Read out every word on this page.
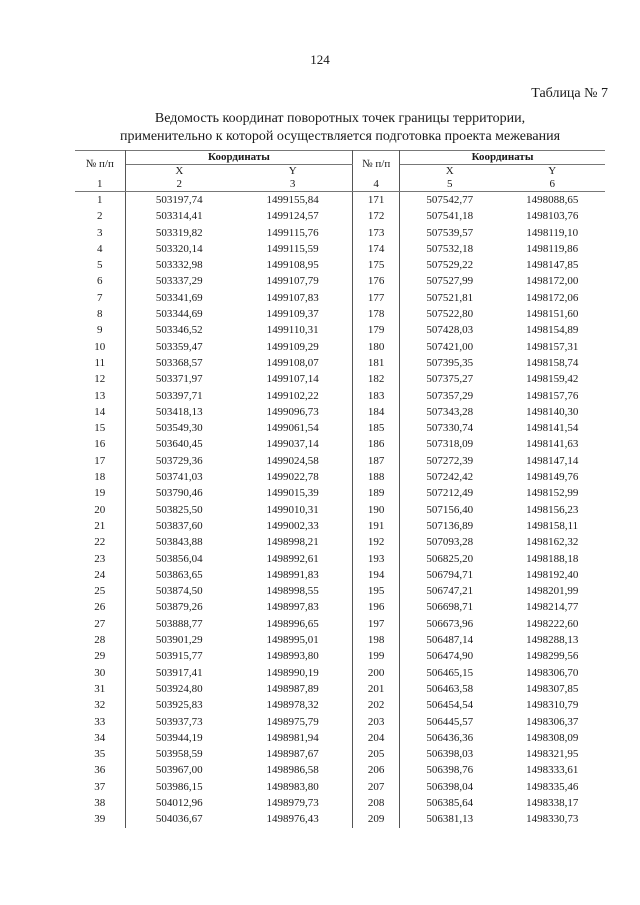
124
Таблица № 7
Ведомость координат поворотных точек границы территории,
применительно к которой осуществляется подготовка проекта межевания
№ п/п	Координаты		№ п/п	Координаты	
	X	Y		X	Y
1	2	3	4	5	6
1	503197,74	1499155,84	171	507542,77	1498088,65
2	503314,41	1499124,57	172	507541,18	1498103,76
3	503319,82	1499115,76	173	507539,57	1498119,10
4	503320,14	1499115,59	174	507532,18	1498119,86
5	503332,98	1499108,95	175	507529,22	1498147,85
6	503337,29	1499107,79	176	507527,99	1498172,00
7	503341,69	1499107,83	177	507521,81	1498172,06
8	503344,69	1499109,37	178	507522,80	1498151,60
9	503346,52	1499110,31	179	507428,03	1498154,89
10	503359,47	1499109,29	180	507421,00	1498157,31
11	503368,57	1499108,07	181	507395,35	1498158,74
12	503371,97	1499107,14	182	507375,27	1498159,42
13	503397,71	1499102,22	183	507357,29	1498157,76
14	503418,13	1499096,73	184	507343,28	1498140,30
15	503549,30	1499061,54	185	507330,74	1498141,54
16	503640,45	1499037,14	186	507318,09	1498141,63
17	503729,36	1499024,58	187	507272,39	1498147,14
18	503741,03	1499022,78	188	507242,42	1498149,76
19	503790,46	1499015,39	189	507212,49	1498152,99
20	503825,50	1499010,31	190	507156,40	1498156,23
21	503837,60	1499002,33	191	507136,89	1498158,11
22	503843,88	1498998,21	192	507093,28	1498162,32
23	503856,04	1498992,61	193	506825,20	1498188,18
24	503863,65	1498991,83	194	506794,71	1498192,40
25	503874,50	1498998,55	195	506747,21	1498201,99
26	503879,26	1498997,83	196	506698,71	1498214,77
27	503888,77	1498996,65	197	506673,96	1498222,60
28	503901,29	1498995,01	198	506487,14	1498288,13
29	503915,77	1498993,80	199	506474,90	1498299,56
30	503917,41	1498990,19	200	506465,15	1498306,70
31	503924,80	1498987,89	201	506463,58	1498307,85
32	503925,83	1498978,32	202	506454,54	1498310,79
33	503937,73	1498975,79	203	506445,57	1498306,37
34	503944,19	1498981,94	204	506436,36	1498308,09
35	503958,59	1498987,67	205	506398,03	1498321,95
36	503967,00	1498986,58	206	506398,76	1498333,61
37	503986,15	1498983,80	207	506398,04	1498335,46
38	504012,96	1498979,73	208	506385,64	1498338,17
39	504036,67	1498976,43	209	506381,13	1498330,73
